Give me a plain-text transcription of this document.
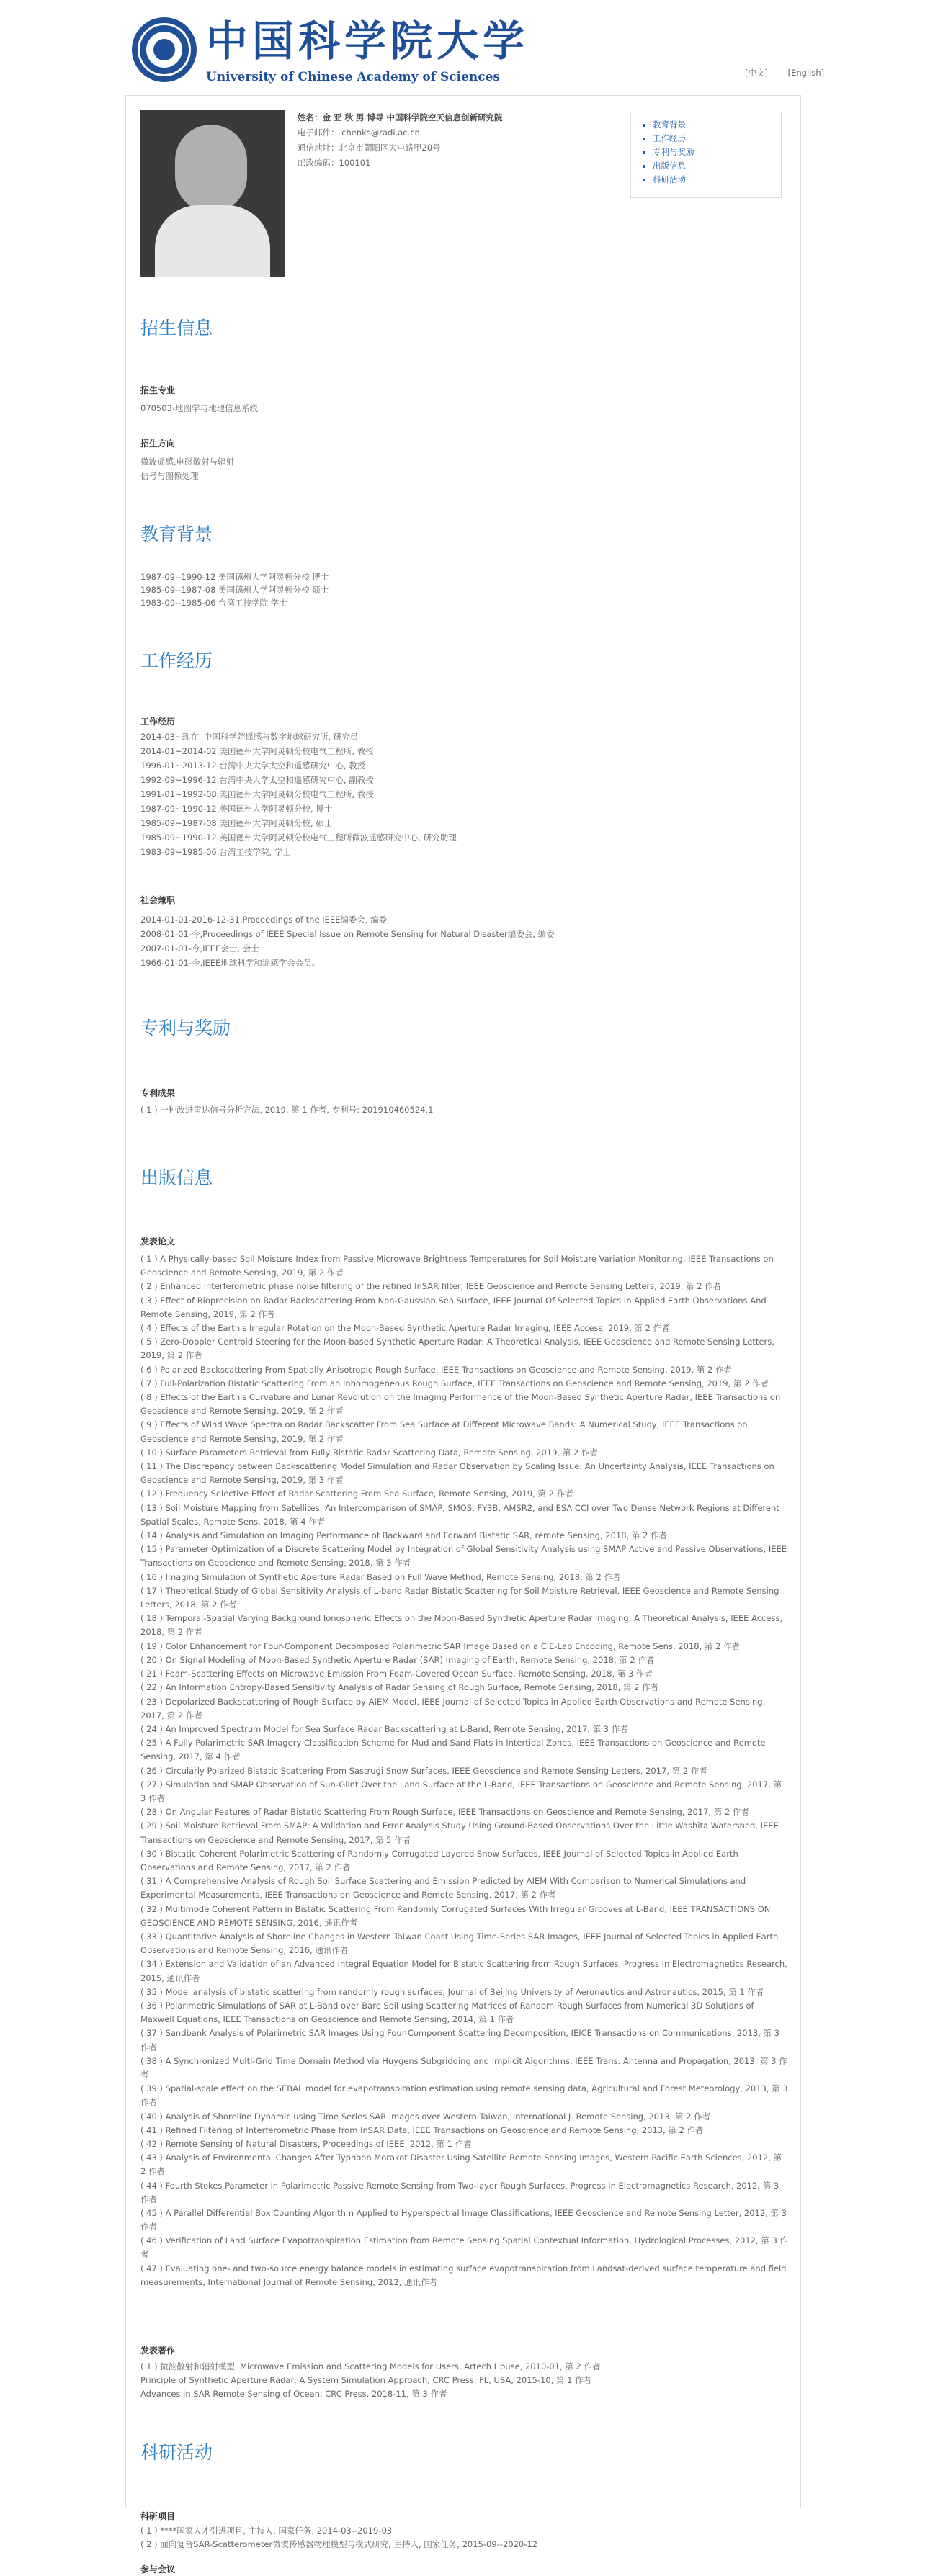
中国科学院大学
University of Chinese Academy of Sciences	[中文] [English]
姓名：金 亚 秋 男 博导 中国科学院空天信息创新研究院
电子邮件： chenks@radi.ac.cn
通信地址：北京市朝阳区大屯路甲20号
邮政编码：100101
▪ 教育背景
▪ 工作经历
▪ 专利与奖励
▪ 出版信息
▪ 科研活动
招生信息
招生专业
070503-地图学与地理信息系统
招生方向
微波遥感,电磁散射与辐射
信号与图像处理
教育背景
1987-09--1990-12 美国德州大学阿灵顿分校 博士
1985-09--1987-08 美国德州大学阿灵顿分校 硕士
1983-09--1985-06 台湾工技学院 学士
工作经历
工作经历
2014-03~现在, 中国科学院遥感与数字地球研究所, 研究员
2014-01~2014-02,美国德州大学阿灵顿分校电气工程所, 教授
1996-01~2013-12,台湾中央大学太空和遥感研究中心, 教授
1992-09~1996-12,台湾中央大学太空和遥感研究中心, 副教授
1991-01~1992-08,美国德州大学阿灵顿分校电气工程所, 教授
1987-09~1990-12,美国德州大学阿灵顿分校, 博士
1985-09~1987-08,美国德州大学阿灵顿分校, 硕士
1985-09~1990-12,美国德州大学阿灵顿分校电气工程所微波遥感研究中心, 研究助理
1983-09~1985-06,台湾工技学院, 学士
社会兼职
2014-01-01-2016-12-31,Proceedings of the IEEE编委会, 编委
2008-01-01-今,Proceedings of IEEE Special Issue on Remote Sensing for Natural Disaster编委会, 编委
2007-01-01-今,IEEE会士, 会士
1966-01-01-今,IEEE地球科学和遥感学会会员。
专利与奖励
专利成果
( 1 ) 一种改进雷达信号分析方法, 2019, 第 1 作者, 专利号: 201910460524.1
出版信息
发表论文
( 1 ) A Physically-based Soil Moisture Index from Passive Microwave Brightness Temperatures for Soil Moisture Variation Monitoring, IEEE Transactions on Geoscience and Remote Sensing, 2019, 第 2 作者
( 2 ) Enhanced interferometric phase noise filtering of the refined InSAR filter, IEEE Geoscience and Remote Sensing Letters, 2019, 第 2 作者
( 3 ) Effect of Bioprecision on Radar Backscattering From Non-Gaussian Sea Surface, IEEE Journal Of Selected Topics In Applied Earth Observations And Remote Sensing, 2019, 第 2 作者
( 4 ) Effects of the Earth's Irregular Rotation on the Moon-Based Synthetic Aperture Radar Imaging, IEEE Access, 2019, 第 2 作者
( 5 ) Zero-Doppler Centroid Steering for the Moon-based Synthetic Aperture Radar: A Theoretical Analysis, IEEE Geoscience and Remote Sensing Letters, 2019, 第 2 作者
( 6 ) Polarized Backscattering From Spatially Anisotropic Rough Surface, IEEE Transactions on Geoscience and Remote Sensing, 2019, 第 2 作者
( 7 ) Full-Polarization Bistatic Scattering From an Inhomogeneous Rough Surface, IEEE Transactions on Geoscience and Remote Sensing, 2019, 第 2 作者
( 8 ) Effects of the Earth's Curvature and Lunar Revolution on the Imaging Performance of the Moon-Based Synthetic Aperture Radar, IEEE Transactions on Geoscience and Remote Sensing, 2019, 第 2 作者
( 9 ) Effects of Wind Wave Spectra on Radar Backscatter From Sea Surface at Different Microwave Bands: A Numerical Study, IEEE Transactions on Geoscience and Remote Sensing, 2019, 第 2 作者
( 10 ) Surface Parameters Retrieval from Fully Bistatic Radar Scattering Data, Remote Sensing, 2019, 第 2 作者
( 11 ) The Discrepancy between Backscattering Model Simulation and Radar Observation by Scaling Issue: An Uncertainty Analysis, IEEE Transactions on Geoscience and Remote Sensing, 2019, 第 3 作者
( 12 ) Frequency Selective Effect of Radar Scattering From Sea Surface, Remote Sensing, 2019, 第 2 作者
( 13 ) Soil Moisture Mapping from Satellites: An Intercomparison of SMAP, SMOS, FY3B, AMSR2, and ESA CCI over Two Dense Network Regions at Different Spatial Scales, Remote Sens, 2018, 第 4 作者
( 14 ) Analysis and Simulation on Imaging Performance of Backward and Forward Bistatic SAR, remote Sensing, 2018, 第 2 作者
( 15 ) Parameter Optimization of a Discrete Scattering Model by Integration of Global Sensitivity Analysis using SMAP Active and Passive Observations, IEEE Transactions on Geoscience and Remote Sensing, 2018, 第 3 作者
( 16 ) Imaging Simulation of Synthetic Aperture Radar Based on Full Wave Method, Remote Sensing, 2018, 第 2 作者
( 17 ) Theoretical Study of Global Sensitivity Analysis of L-band Radar Bistatic Scattering for Soil Moisture Retrieval, IEEE Geoscience and Remote Sensing Letters, 2018, 第 2 作者
( 18 ) Temporal-Spatial Varying Background Ionospheric Effects on the Moon-Based Synthetic Aperture Radar Imaging: A Theoretical Analysis, IEEE Access, 2018, 第 2 作者
( 19 ) Color Enhancement for Four-Component Decomposed Polarimetric SAR Image Based on a CIE-Lab Encoding, Remote Sens, 2018, 第 2 作者
( 20 ) On Signal Modeling of Moon-Based Synthetic Aperture Radar (SAR) Imaging of Earth, Remote Sensing, 2018, 第 2 作者
( 21 ) Foam-Scattering Effects on Microwave Emission From Foam-Covered Ocean Surface, Remote Sensing, 2018, 第 3 作者
( 22 ) An Information Entropy-Based Sensitivity Analysis of Radar Sensing of Rough Surface, Remote Sensing, 2018, 第 2 作者
( 23 ) Depolarized Backscattering of Rough Surface by AIEM Model, IEEE Journal of Selected Topics in Applied Earth Observations and Remote Sensing, 2017, 第 2 作者
( 24 ) An Improved Spectrum Model for Sea Surface Radar Backscattering at L-Band, Remote Sensing, 2017, 第 3 作者
( 25 ) A Fully Polarimetric SAR Imagery Classification Scheme for Mud and Sand Flats in Intertidal Zones, IEEE Transactions on Geoscience and Remote Sensing, 2017, 第 4 作者
( 26 ) Circularly Polarized Bistatic Scattering From Sastrugi Snow Surfaces, IEEE Geoscience and Remote Sensing Letters, 2017, 第 2 作者
( 27 ) Simulation and SMAP Observation of Sun-Glint Over the Land Surface at the L-Band, IEEE Transactions on Geoscience and Remote Sensing, 2017, 第 3 作者
( 28 ) On Angular Features of Radar Bistatic Scattering From Rough Surface, IEEE Transactions on Geoscience and Remote Sensing, 2017, 第 2 作者
( 29 ) Soil Moisture Retrieval From SMAP: A Validation and Error Analysis Study Using Ground-Based Observations Over the Little Washita Watershed, IEEE Transactions on Geoscience and Remote Sensing, 2017, 第 5 作者
( 30 ) Bistatic Coherent Polarimetric Scattering of Randomly Corrugated Layered Snow Surfaces, IEEE Journal of Selected Topics in Applied Earth Observations and Remote Sensing, 2017, 第 2 作者
( 31 ) A Comprehensive Analysis of Rough Soil Surface Scattering and Emission Predicted by AIEM With Comparison to Numerical Simulations and Experimental Measurements, IEEE Transactions on Geoscience and Remote Sensing, 2017, 第 2 作者
( 32 ) Multimode Coherent Pattern in Bistatic Scattering From Randomly Corrugated Surfaces With Irregular Grooves at L-Band, IEEE TRANSACTIONS ON GEOSCIENCE AND REMOTE SENSING, 2016, 通讯作者
( 33 ) Quantitative Analysis of Shoreline Changes in Western Taiwan Coast Using Time-Series SAR Images, IEEE Journal of Selected Topics in Applied Earth Observations and Remote Sensing, 2016, 通讯作者
( 34 ) Extension and Validation of an Advanced Integral Equation Model for Bistatic Scattering from Rough Surfaces, Progress In Electromagnetics Research, 2015, 通讯作者
( 35 ) Model analysis of bistatic scattering from randomly rough surfaces, Journal of Beijing University of Aeronautics and Astronautics, 2015, 第 1 作者
( 36 ) Polarimetric Simulations of SAR at L-Band over Bare Soil using Scattering Matrices of Random Rough Surfaces from Numerical 3D Solutions of Maxwell Equations, IEEE Transactions on Geoscience and Remote Sensing, 2014, 第 1 作者
( 37 ) Sandbank Analysis of Polarimetric SAR Images Using Four-Component Scattering Decomposition, IEICE Transactions on Communications, 2013, 第 3 作者
( 38 ) A Synchronized Multi-Grid Time Domain Method via Huygens Subgridding and Implicit Algorithms, IEEE Trans. Antenna and Propagation, 2013, 第 3 作者
( 39 ) Spatial-scale effect on the SEBAL model for evapotranspiration estimation using remote sensing data, Agricultural and Forest Meteorology, 2013, 第 3 作者
( 40 ) Analysis of Shoreline Dynamic using Time Series SAR images over Western Taiwan, International J. Remote Sensing, 2013, 第 2 作者
( 41 ) Refined Filtering of Interferometric Phase from InSAR Data, IEEE Transactions on Geoscience and Remote Sensing, 2013, 第 2 作者
( 42 ) Remote Sensing of Natural Disasters, Proceedings of IEEE, 2012, 第 1 作者
( 43 ) Analysis of Environmental Changes After Typhoon Morakot Disaster Using Satellite Remote Sensing Images, Western Pacific Earth Sciences, 2012, 第 2 作者
( 44 ) Fourth Stokes Parameter in Polarimetric Passive Remote Sensing from Two-layer Rough Surfaces, Progress In Electromagnetics Research, 2012, 第 3 作者
( 45 ) A Parallel Differential Box Counting Algorithm Applied to Hyperspectral Image Classifications, IEEE Geoscience and Remote Sensing Letter, 2012, 第 3 作者
( 46 ) Verification of Land Surface Evapotranspiration Estimation from Remote Sensing Spatial Contextual Information, Hydrological Processes, 2012, 第 3 作者
( 47 ) Evaluating one- and two-source energy balance models in estimating surface evapotranspiration from Landsat-derived surface temperature and field measurements, International Journal of Remote Sensing, 2012, 通讯作者
发表著作
( 1 ) 微波散射和辐射模型, Microwave Emission and Scattering Models for Users, Artech House, 2010-01, 第 2 作者
Principle of Synthetic Aperture Radar: A System Simulation Approach, CRC Press, FL, USA, 2015-10, 第 1 作者
Advances in SAR Remote Sensing of Ocean, CRC Press, 2018-11, 第 3 作者
科研活动
科研项目
( 1 ) ****国家人才引进项目, 主持人, 国家任务, 2014-03--2019-03
( 2 ) 面向复合SAR-Scatterometer微波传感器物理模型与模式研究, 主持人, 国家任务, 2015-09--2020-12
参与会议
